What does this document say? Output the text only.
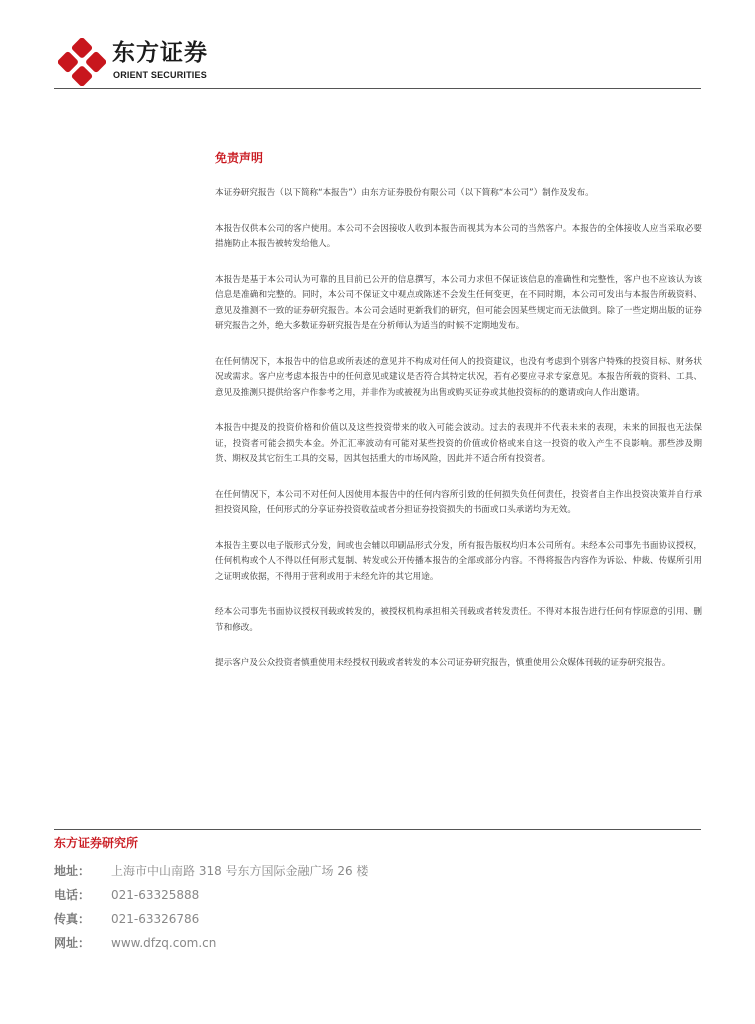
东方证券
ORIENT SECURITIES
免责声明

本证券研究报告（以下简称“本报告”）由东方证券股份有限公司（以下简称“本公司”）制作及发布。

本报告仅供本公司的客户使用。本公司不会因接收人收到本报告而视其为本公司的当然客户。本报告的全体接收人应当采取必要措施防止本报告被转发给他人。

本报告是基于本公司认为可靠的且目前已公开的信息撰写，本公司力求但不保证该信息的准确性和完整性，客户也不应该认为该信息是准确和完整的。同时，本公司不保证文中观点或陈述不会发生任何变更，在不同时期，本公司可发出与本报告所载资料、意见及推测不一致的证券研究报告。本公司会适时更新我们的研究，但可能会因某些规定而无法做到。除了一些定期出版的证券研究报告之外，绝大多数证券研究报告是在分析师认为适当的时候不定期地发布。

在任何情况下，本报告中的信息或所表述的意见并不构成对任何人的投资建议，也没有考虑到个别客户特殊的投资目标、财务状况或需求。客户应考虑本报告中的任何意见或建议是否符合其特定状况，若有必要应寻求专家意见。本报告所载的资料、工具、意见及推测只提供给客户作参考之用，并非作为或被视为出售或购买证券或其他投资标的的邀请或向人作出邀请。

本报告中提及的投资价格和价值以及这些投资带来的收入可能会波动。过去的表现并不代表未来的表现，未来的回报也无法保证，投资者可能会损失本金。外汇汇率波动有可能对某些投资的价值或价格或来自这一投资的收入产生不良影响。那些涉及期货、期权及其它衍生工具的交易，因其包括重大的市场风险，因此并不适合所有投资者。

在任何情况下，本公司不对任何人因使用本报告中的任何内容所引致的任何损失负任何责任，投资者自主作出投资决策并自行承担投资风险，任何形式的分享证券投资收益或者分担证券投资损失的书面或口头承诺均为无效。

本报告主要以电子版形式分发，间或也会辅以印刷品形式分发，所有报告版权均归本公司所有。未经本公司事先书面协议授权，任何机构或个人不得以任何形式复制、转发或公开传播本报告的全部或部分内容。不得将报告内容作为诉讼、仲裁、传媒所引用之证明或依据，不得用于营利或用于未经允许的其它用途。

经本公司事先书面协议授权刊载或转发的，被授权机构承担相关刊载或者转发责任。不得对本报告进行任何有悖原意的引用、删节和修改。

提示客户及公众投资者慎重使用未经授权刊载或者转发的本公司证券研究报告，慎重使用公众媒体刊载的证券研究报告。

东方证券研究所
地址： 上海市中山南路 318 号东方国际金融广场 26 楼
电话： 021-63325888
传真： 021-63326786
网址： www.dfzq.com.cn
